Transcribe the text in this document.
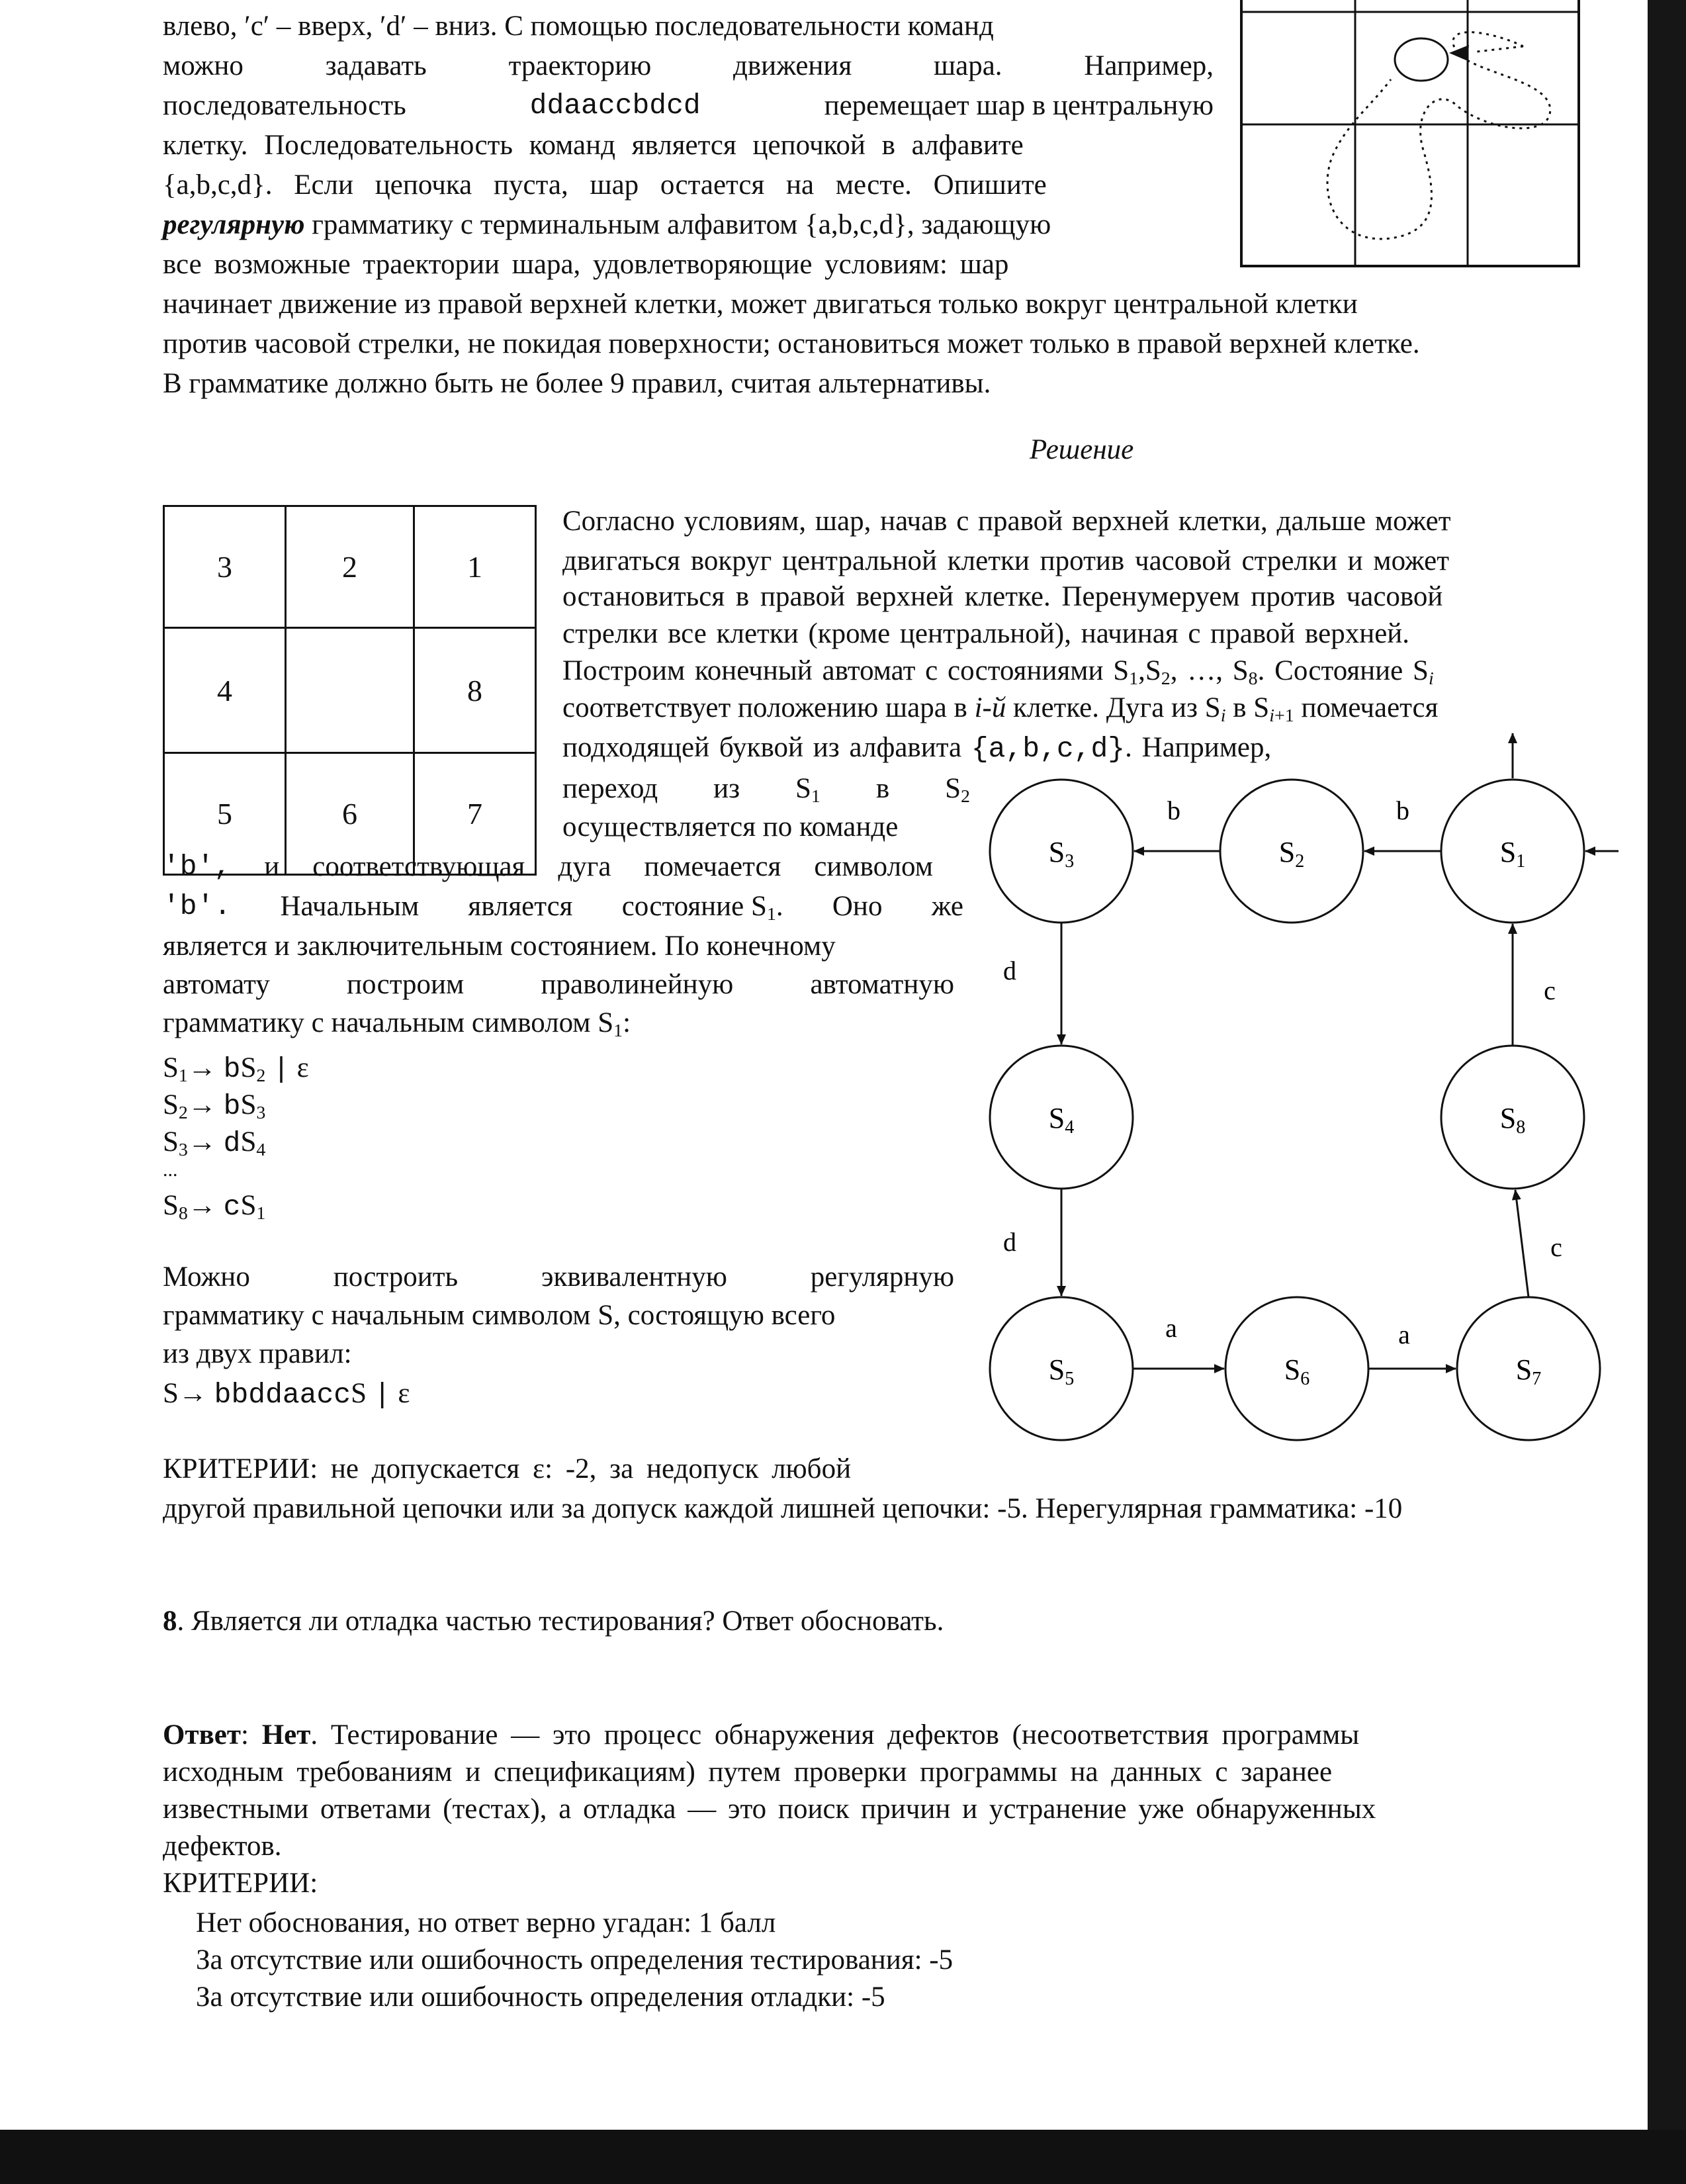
влево, ′c′ – вверх, ′d′ – вниз. С помощью последовательности команд
можно	задавать	траекторию	движения	шара.	Например,
последовательность	ddaaccbdcd	перемещает шар в центральную
клетку. Последовательность команд является цепочкой в алфавите
{a,b,c,d}. Если цепочка пуста, шар остается на месте. Опишите
регулярную грамматику с терминальным алфавитом {a,b,c,d}, задающую
все возможные траектории шара, удовлетворяющие условиям: шар
начинает движение из правой верхней клетки, может двигаться только вокруг центральной клетки
против часовой стрелки, не покидая поверхности; остановиться может только в правой верхней клетке.
В грамматике должно быть не более 9 правил, считая альтернативы.
Решение
3	2	1
4		8
5	6	7
Согласно условиям, шар, начав с правой верхней клетки, дальше может
двигаться вокруг центральной клетки против часовой стрелки и может
остановиться в правой верхней клетке. Перенумеруем против часовой
стрелки все клетки (кроме центральной), начиная с правой верхней.
Построим конечный автомат с состояниями $S_1,S_2$, …, $S_8$. Состояние $S_i$
соответствует положению шара в i-й клетке. Дуга из $S_i$ в $S_{i+1}$ помечается
подходящей буквой из алфавита {a,b,c,d}. Например,
переход из $S_1$ в $S_2$
осуществляется по команде
′b′, и соответствующая дуга помечается символом
′b′. Начальным является состояние $S_1$. Оно же
является и заключительным состоянием. По конечному
автомату	построим	праволинейную	автоматную
грамматику с начальным символом $S_1$:
$S_1\to bS_2$ | ε
$S_2\to bS_3$
$S_3\to dS_4$
...
$S_8\to cS_1$
Можно	построить	эквивалентную	регулярную
грамматику с начальным символом S, состоящую всего
из двух правил:
S→ bbddaaccS | ε
S1
S2
S3
S4
S5	S6	S7
S8
b
b
d
d
a	a
c
c
КРИТЕРИИ: не допускается ε: -2, за недопуск любой
другой правильной цепочки или за допуск каждой лишней цепочки: -5. Нерегулярная грамматика: -10
8. Является ли отладка частью тестирования? Ответ обосновать.
Ответ: Нет. Тестирование — это процесс обнаружения дефектов (несоответствия программы
исходным требованиям и спецификациям) путем проверки программы на данных с заранее
известными ответами (тестах), а отладка — это поиск причин и устранение уже обнаруженных
дефектов.
КРИТЕРИИ:
Нет обоснования, но ответ верно угадан: 1 балл
За отсутствие или ошибочность определения тестирования: -5
За отсутствие или ошибочность определения отладки: -5
